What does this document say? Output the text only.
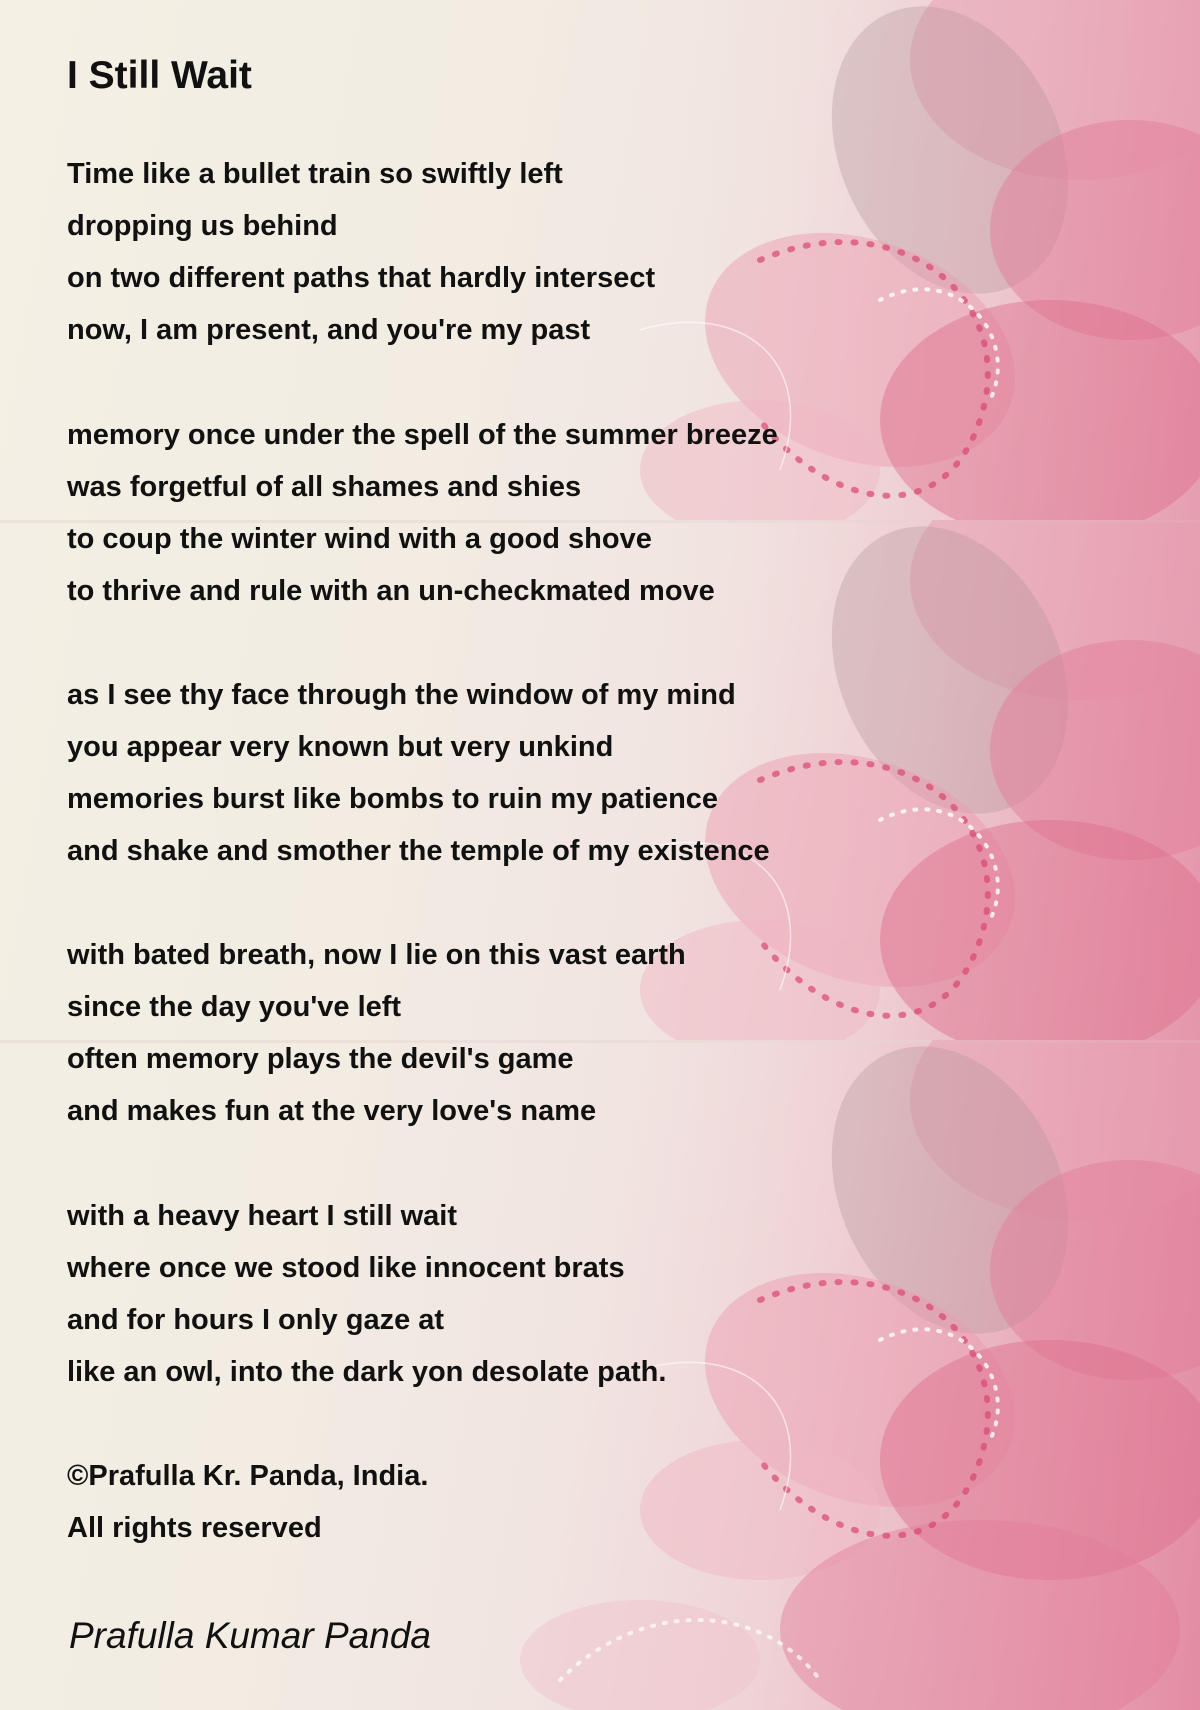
I Still Wait
Time like a bullet train so swiftly left
dropping us behind
on two different paths that hardly intersect
now, I am present, and you're my past
memory once under the spell of the summer breeze
was forgetful of all shames and shies
to coup the winter wind with a good shove
to thrive and rule with an un-checkmated move
as I see thy face through the window of my mind
you appear very known but very unkind
memories burst like bombs to ruin my patience
and shake and smother the temple of my existence
with bated breath, now I lie on this vast earth
since the day you've left
often memory plays the devil's game
and makes fun at the very love's name
with a heavy heart I still wait
where once we stood like innocent brats
and for hours I only gaze at
like an owl, into the dark yon desolate path.
©Prafulla Kr. Panda, India.
All rights reserved

Prafulla Kumar Panda
